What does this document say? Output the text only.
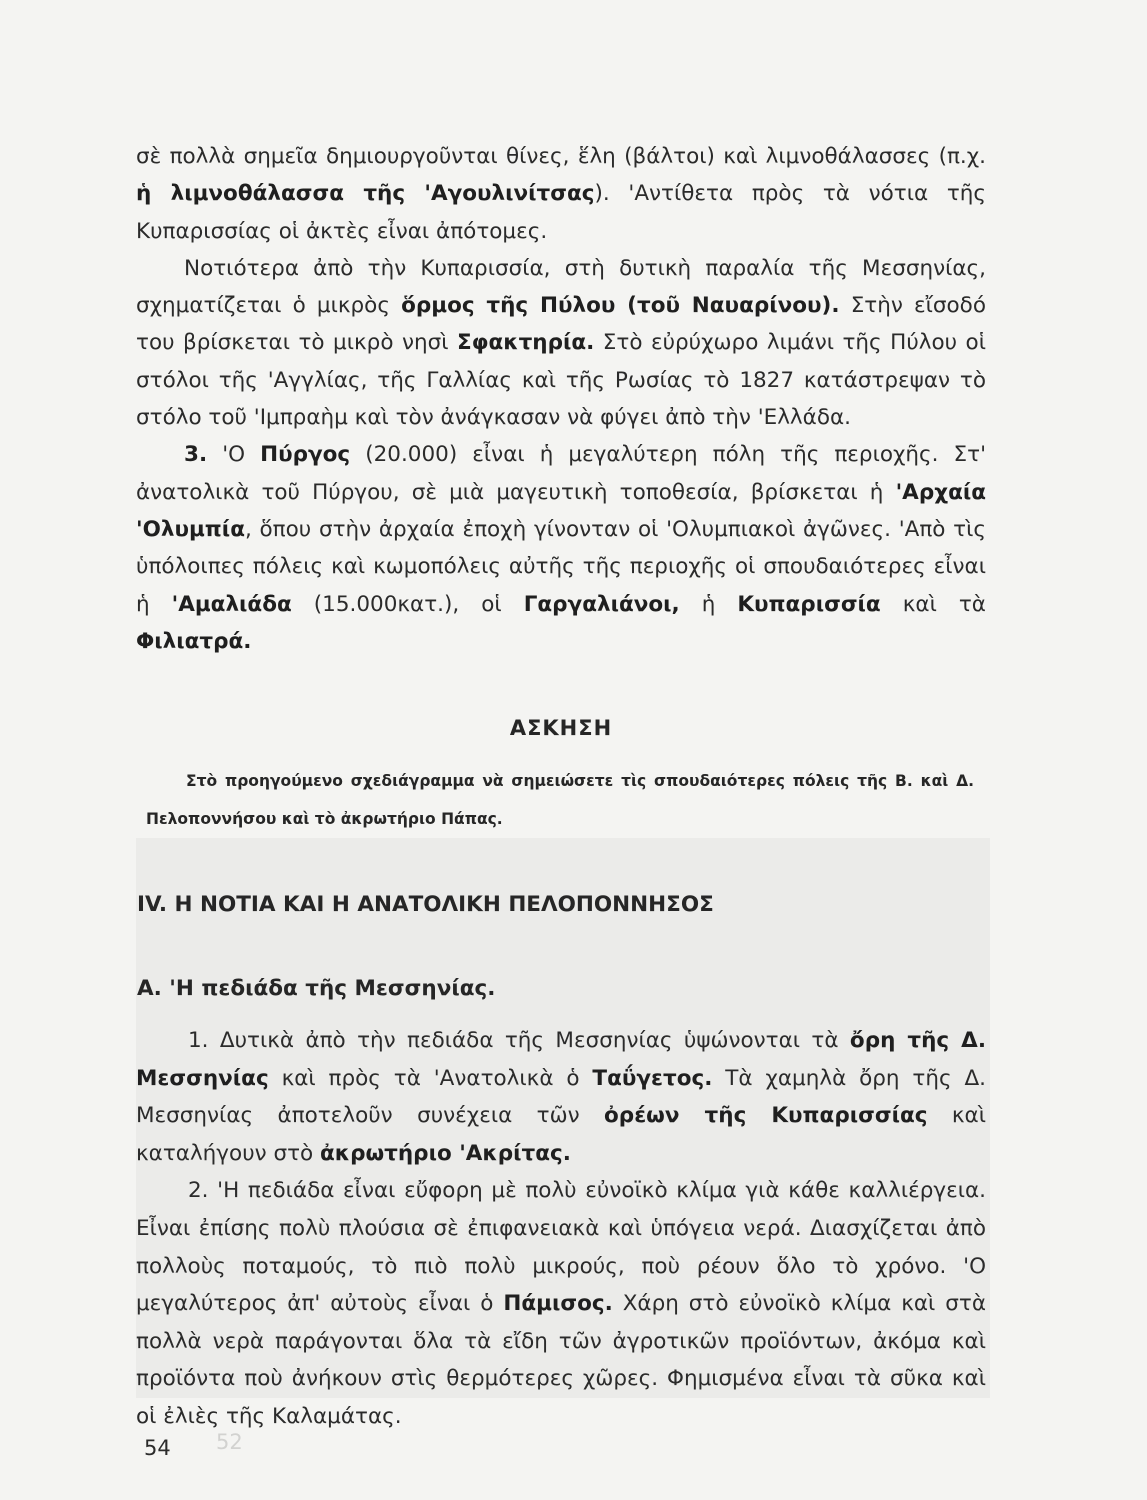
σὲ πολλὰ σημεῖα δημιουργοῦνται θίνες, ἕλη (βάλτοι) καὶ λιμνοθάλασσες (π.χ. ἡ λιμνοθάλασσα τῆς 'Αγουλινίτσας). 'Αντίθετα πρὸς τὰ νότια τῆς Κυπαρισσίας οἱ ἀκτὲς εἶναι ἀπότομες.

Νοτιότερα ἀπὸ τὴν Κυπαρισσία, στὴ δυτικὴ παραλία τῆς Μεσσηνίας, σχηματίζεται ὁ μικρὸς ὅρμος τῆς Πύλου (τοῦ Ναυαρίνου). Στὴν εἴσοδό του βρίσκεται τὸ μικρὸ νησὶ Σφακτηρία. Στὸ εὐρύχωρο λιμάνι τῆς Πύλου οἱ στόλοι τῆς 'Αγγλίας, τῆς Γαλλίας καὶ τῆς Ρωσίας τὸ 1827 κατάστρεψαν τὸ στόλο τοῦ 'Ιμπραὴμ καὶ τὸν ἀνάγκασαν νὰ φύγει ἀπὸ τὴν 'Ελλάδα.

3. 'Ο Πύργος (20.000) εἶναι ἡ μεγαλύτερη πόλη τῆς περιοχῆς. Στ' ἀνατολικὰ τοῦ Πύργου, σὲ μιὰ μαγευτικὴ τοποθεσία, βρίσκεται ἡ 'Αρχαία 'Ολυμπία, ὅπου στὴν ἀρχαία ἐποχὴ γίνονταν οἱ 'Ολυμπιακοὶ ἀγῶνες. 'Απὸ τὶς ὑπόλοιπες πόλεις καὶ κωμοπόλεις αὐτῆς τῆς περιοχῆς οἱ σπουδαιότερες εἶναι ἡ 'Αμαλιάδα (15.000κατ.), οἱ Γαργαλιάνοι, ἡ Κυπαρισσία καὶ τὰ Φιλιατρά.

ΑΣΚΗΣΗ
Στὸ προηγούμενο σχεδιάγραμμα νὰ σημειώσετε τὶς σπουδαιότερες πόλεις τῆς Β. καὶ Δ. Πελοποννήσου καὶ τὸ ἀκρωτήριο Πάπας.
IV. Η ΝΟΤΙΑ ΚΑΙ Η ΑΝΑΤΟΛΙΚΗ ΠΕΛΟΠΟΝΝΗΣΟΣ
Α. 'Η πεδιάδα τῆς Μεσσηνίας.

1. Δυτικὰ ἀπὸ τὴν πεδιάδα τῆς Μεσσηνίας ὑψώνονται τὰ ὄρη τῆς Δ. Μεσσηνίας καὶ πρὸς τὰ 'Ανατολικὰ ὁ Ταΰγετος. Τὰ χαμηλὰ ὄρη τῆς Δ. Μεσσηνίας ἀποτελοῦν συνέχεια τῶν ὀρέων τῆς Κυπαρισσίας καὶ καταλήγουν στὸ ἀκρωτήριο 'Ακρίτας.

2. 'Η πεδιάδα εἶναι εὔφορη μὲ πολὺ εὐνοϊκὸ κλίμα γιὰ κάθε καλλιέργεια. Εἶναι ἐπίσης πολὺ πλούσια σὲ ἐπιφανειακὰ καὶ ὑπόγεια νερά. Διασχίζεται ἀπὸ πολλοὺς ποταμούς, τὸ πιὸ πολὺ μικρούς, ποὺ ρέουν ὅλο τὸ χρόνο. 'Ο μεγαλύτερος ἀπ' αὐτοὺς εἶναι ὁ Πάμισος. Χάρη στὸ εὐνοϊκὸ κλίμα καὶ στὰ πολλὰ νερὰ παράγονται ὅλα τὰ εἴδη τῶν ἀγροτικῶν προϊόντων, ἀκόμα καὶ προϊόντα ποὺ ἀνήκουν στὶς θερμότερες χῶρες. Φημισμένα εἶναι τὰ σῦκα καὶ οἱ ἐλιὲς τῆς Καλαμάτας.

54 52
